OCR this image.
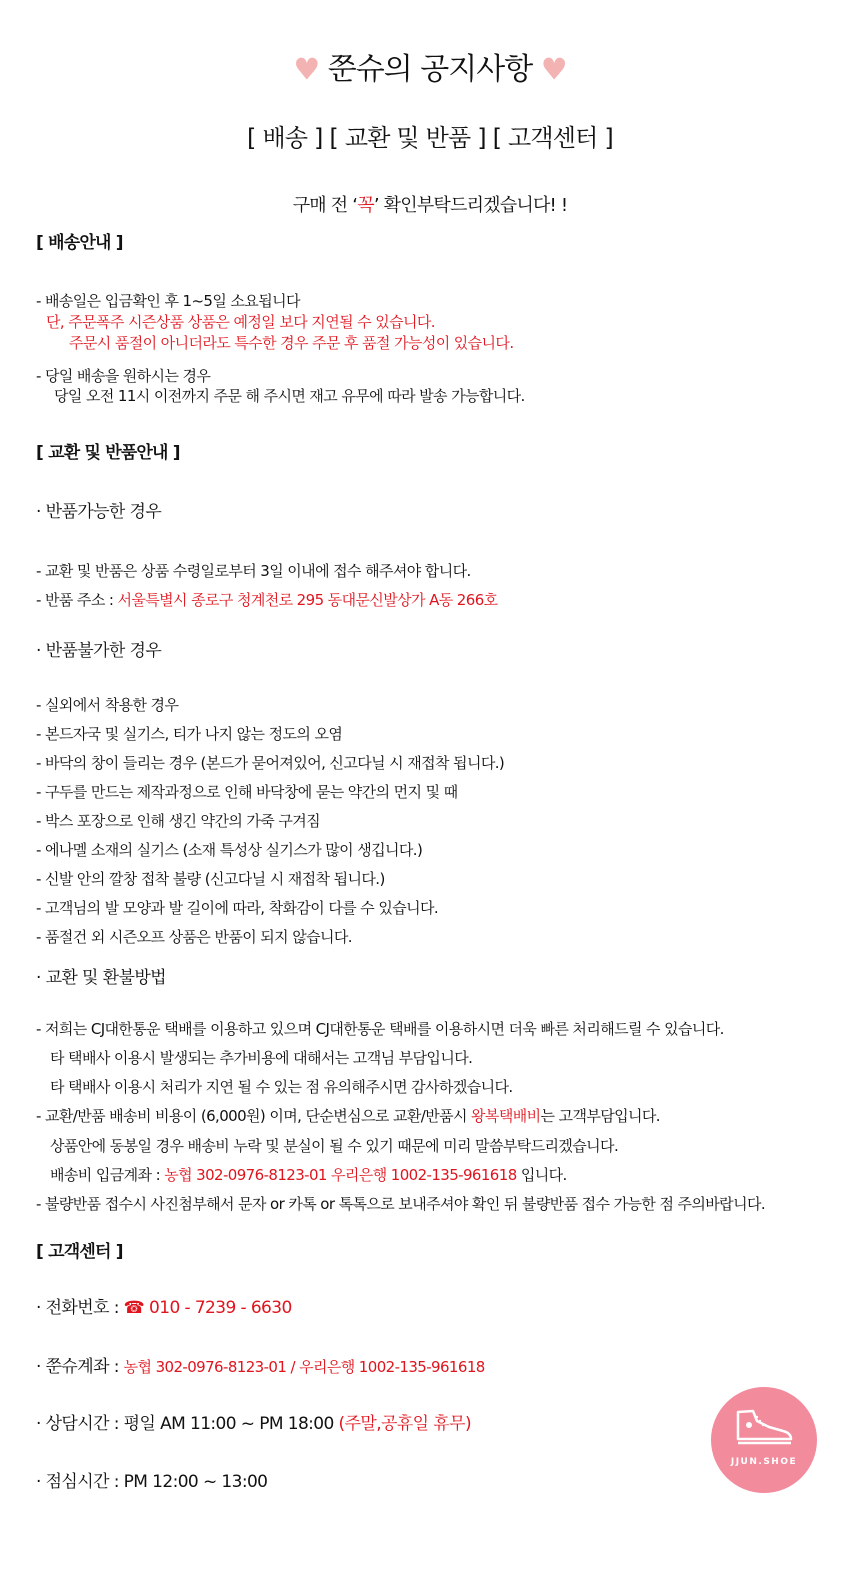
♥ 쭌슈의 공지사항 ♥
[ 배송 ] [ 교환 및 반품 ] [ 고객센터 ]
구매 전 ‘꼭’ 확인부탁드리겠습니다! !
[ 배송안내 ]
- 배송일은 입금확인 후 1~5일 소요됩니다
단, 주문폭주 시즌상품 상품은 예정일 보다 지연될 수 있습니다.
주문시 품절이 아니더라도 특수한 경우 주문 후 품절 가능성이 있습니다.
- 당일 배송을 원하시는 경우
당일 오전 11시 이전까지 주문 해 주시면 재고 유무에 따라 발송 가능합니다.
[ 교환 및 반품안내 ]
· 반품가능한 경우
- 교환 및 반품은 상품 수령일로부터 3일 이내에 접수 해주셔야 합니다.
- 반품 주소 : 서울특별시 종로구 청계천로 295 동대문신발상가 A동 266호
· 반품불가한 경우
- 실외에서 착용한 경우
- 본드자국 및 실기스, 티가 나지 않는 정도의 오염
- 바닥의 창이 들리는 경우 (본드가 묻어져있어, 신고다닐 시 재접착 됩니다.)
- 구두를 만드는 제작과정으로 인해 바닥창에 묻는 약간의 먼지 및 때
- 박스 포장으로 인해 생긴 약간의 가죽 구겨짐
- 에나멜 소재의 실기스 (소재 특성상 실기스가 많이 생깁니다.)
- 신발 안의 깔창 접착 불량 (신고다닐 시 재접착 됩니다.)
- 고객님의 발 모양과 발 길이에 따라, 착화감이 다를 수 있습니다.
- 품절건 외 시즌오프 상품은 반품이 되지 않습니다.
· 교환 및 환불방법
- 저희는 CJ대한통운 택배를 이용하고 있으며 CJ대한통운 택배를 이용하시면 더욱 빠른 처리해드릴 수 있습니다.
타 택배사 이용시 발생되는 추가비용에 대해서는 고객님 부담입니다.
타 택배사 이용시 처리가 지연 될 수 있는 점 유의해주시면 감사하겠습니다.
- 교환/반품 배송비 비용이 (6,000원) 이며, 단순변심으로 교환/반품시 왕복택배비는 고객부담입니다.
상품안에 동봉일 경우 배송비 누락 및 분실이 될 수 있기 때문에 미리 말씀부탁드리겠습니다.
배송비 입금계좌 : 농협 302-0976-8123-01 우리은행 1002-135-961618 입니다.
- 불량반품 접수시 사진첨부해서 문자 or 카톡 or 톡톡으로 보내주셔야 확인 뒤 불량반품 접수 가능한 점 주의바랍니다.
[ 고객센터 ]
· 전화번호 : ☎ 010 - 7239 - 6630
· 쭌슈계좌 : 농협 302-0976-8123-01 / 우리은행 1002-135-961618
· 상담시간 : 평일 AM 11:00 ~ PM 18:00 (주말,공휴일 휴무)
· 점심시간 : PM 12:00 ~ 13:00
JJUN.SHOE
